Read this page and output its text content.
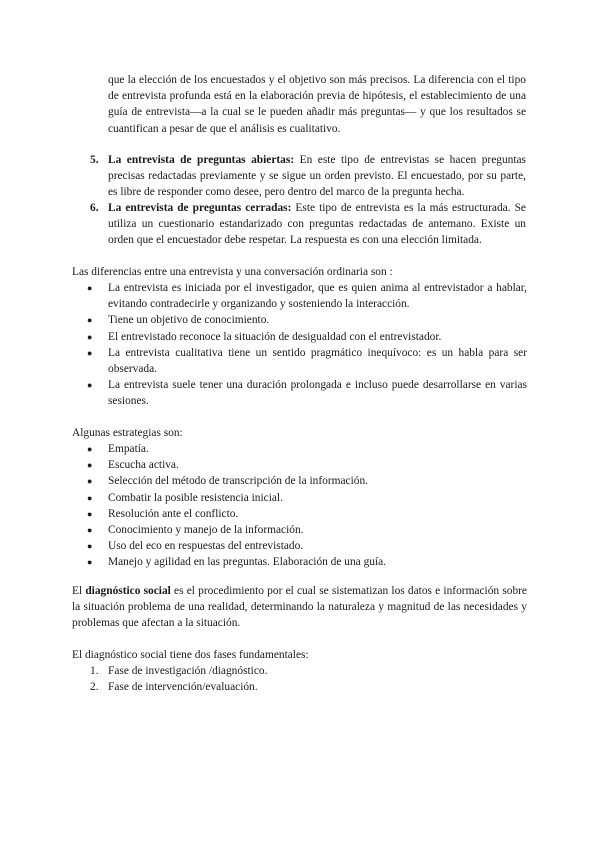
que la elección de los encuestados y el objetivo son más precisos. La diferencia con el tipo de entrevista profunda está en la elaboración previa de hipótesis, el establecimiento de una guía de entrevista—a la cual se le pueden añadir más preguntas— y que los resultados se cuantifican a pesar de que el análisis es cualitativo.

5. La entrevista de preguntas abiertas: En este tipo de entrevistas se hacen preguntas precisas redactadas previamente y se sigue un orden previsto. El encuestado, por su parte, es libre de responder como desee, pero dentro del marco de la pregunta hecha.
6. La entrevista de preguntas cerradas: Este tipo de entrevista es la más estructurada. Se utiliza un cuestionario estandarizado con preguntas redactadas de antemano. Existe un orden que el encuestador debe respetar. La respuesta es con una elección limitada.

Las diferencias entre una entrevista y una conversación ordinaria son :

● La entrevista es iniciada por el investigador, que es quien anima al entrevistador a hablar, evitando contradecirle y organizando y sosteniendo la interacción.
● Tiene un objetivo de conocimiento.
● El entrevistado reconoce la situación de desigualdad con el entrevistador.
● La entrevista cualitativa tiene un sentido pragmático inequívoco: es un habla para ser observada.
● La entrevista suele tener una duración prolongada e incluso puede desarrollarse en varias sesiones.

Algunas estrategias son:

● Empatía.
● Escucha activa.
● Selección del método de transcripción de la información.
● Combatir la posible resistencia inicial.
● Resolución ante el conflicto.
● Conocimiento y manejo de la información.
● Uso del eco en respuestas del entrevistado.
● Manejo y agilidad en las preguntas. Elaboración de una guía.

El diagnóstico social es el procedimiento por el cual se sistematizan los datos e información sobre la situación problema de una realidad, determinando la naturaleza y magnitud de las necesidades y problemas que afectan a la situación.

El diagnóstico social tiene dos fases fundamentales:

1. Fase de investigación /diagnóstico.
2. Fase de intervención/evaluación.
